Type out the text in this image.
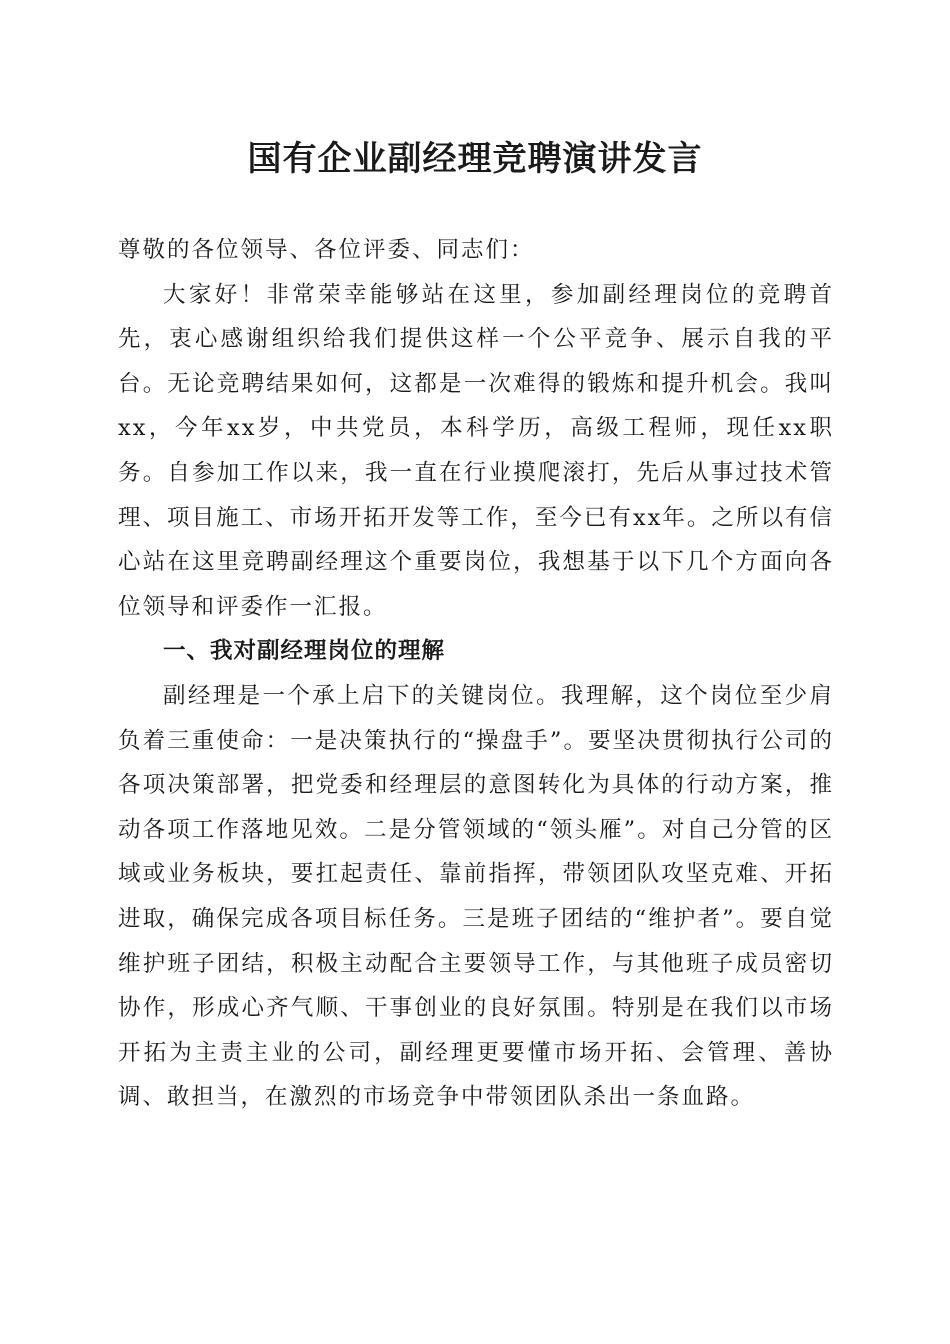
国有企业副经理竞聘演讲发言

尊敬的各位领导、各位评委、同志们：

大家好！非常荣幸能够站在这里，参加副经理岗位的竞聘首先，衷心感谢组织给我们提供这样一个公平竞争、展示自我的平台。无论竞聘结果如何，这都是一次难得的锻炼和提升机会。我叫xx，今年xx岁，中共党员，本科学历，高级工程师，现任xx职务。自参加工作以来，我一直在行业摸爬滚打，先后从事过技术管理、项目施工、市场开拓开发等工作，至今已有xx年。之所以有信心站在这里竞聘副经理这个重要岗位，我想基于以下几个方面向各位领导和评委作一汇报。

一、我对副经理岗位的理解

副经理是一个承上启下的关键岗位。我理解，这个岗位至少肩负着三重使命：一是决策执行的“操盘手”。要坚决贯彻执行公司的各项决策部署，把党委和经理层的意图转化为具体的行动方案，推动各项工作落地见效。二是分管领域的“领头雁”。对自己分管的区域或业务板块，要扛起责任、靠前指挥，带领团队攻坚克难、开拓进取，确保完成各项目标任务。三是班子团结的“维护者”。要自觉维护班子团结，积极主动配合主要领导工作，与其他班子成员密切协作，形成心齐气顺、干事创业的良好氛围。特别是在我们以市场开拓为主责主业的公司，副经理更要懂市场开拓、会管理、善协调、敢担当，在激烈的市场竞争中带领团队杀出一条血路。
